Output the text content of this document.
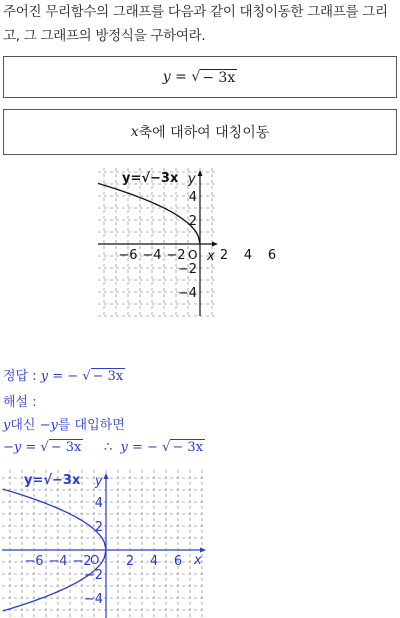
주어진 무리함수의 그래프를 다음과 같이 대칭이동한 그래프를 그리고, 그 그래프의 방정식을 구하여라.
y =
√ − 3x
x 축에 대하여 대칭이동
y=√−3x y
x
O
−6 −4 −2	2 4 6
4
2
−2
−4
정답 : y = − √ − 3x
해설 :
y대신 −y를 대입하면
−y = √ − 3x ∴ y = − √ − 3x
y=√−3x y
x
O
−6 −4 −2	2 4 6
4
2
−2
−4
